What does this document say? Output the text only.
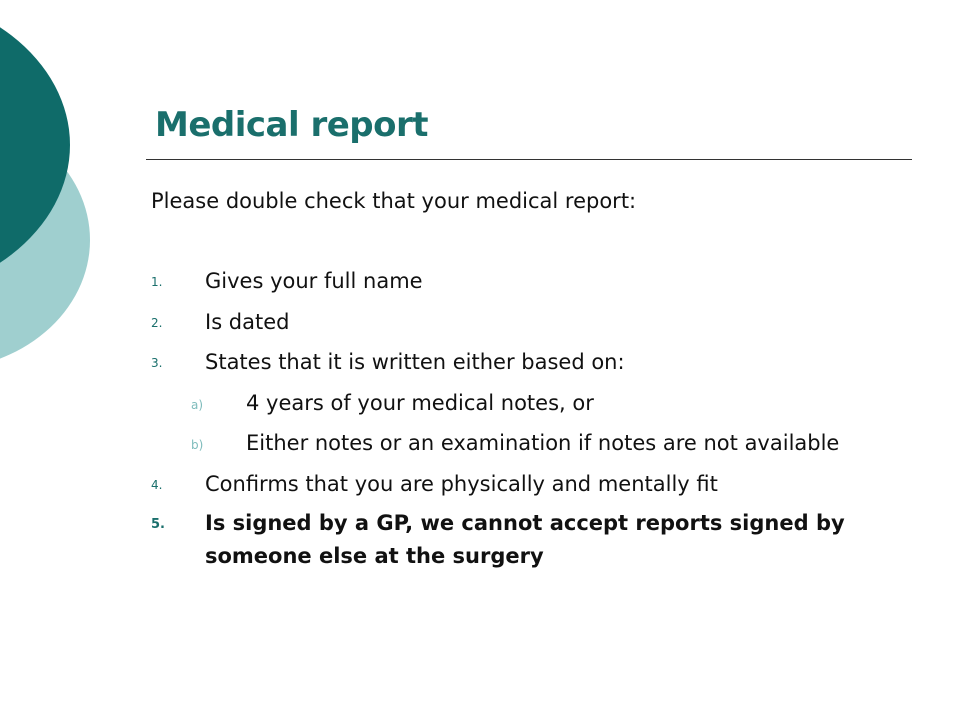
Medical report

Please double check that your medical report:

1. Gives your full name
2. Is dated
3. States that it is written either based on:
a) 4 years of your medical notes, or
b) Either notes or an examination if notes are not available
4. Confirms that you are physically and mentally fit
5. Is signed by a GP, we cannot accept reports signed by someone else at the surgery
